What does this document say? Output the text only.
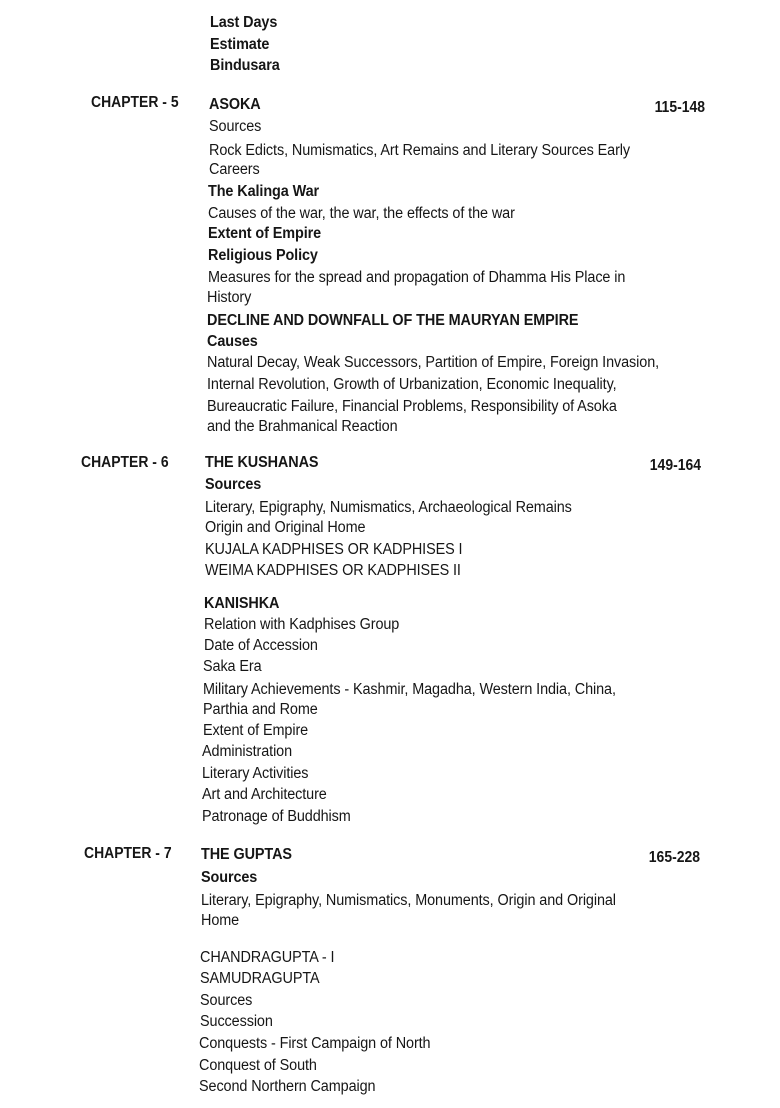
Last Days
Estimate
Bindusara
CHAPTER - 5 ASOKA	115-148
Sources
Rock Edicts, Numismatics, Art Remains and Literary Sources Early
Careers
The Kalinga War
Causes of the war, the war, the effects of the war
Extent of Empire
Religious Policy
Measures for the spread and propagation of Dhamma His Place in
History
DECLINE AND DOWNFALL OF THE MAURYAN EMPIRE
Causes
Natural Decay, Weak Successors, Partition of Empire, Foreign Invasion,
Internal Revolution, Growth of Urbanization, Economic Inequality,
Bureaucratic Failure, Financial Problems, Responsibility of Asoka
and the Brahmanical Reaction
CHAPTER - 6 THE KUSHANAS	149-164
Sources
Literary, Epigraphy, Numismatics, Archaeological Remains
Origin and Original Home
KUJALA KADPHISES OR KADPHISES I
WEIMA KADPHISES OR KADPHISES II
KANISHKA
Relation with Kadphises Group
Date of Accession
Saka Era
Military Achievements - Kashmir, Magadha, Western India, China,
Parthia and Rome
Extent of Empire
Administration
Literary Activities
Art and Architecture
Patronage of Buddhism
CHAPTER - 7 THE GUPTAS	165-228
Sources
Literary, Epigraphy, Numismatics, Monuments, Origin and Original
Home
CHANDRAGUPTA - I
SAMUDRAGUPTA
Sources
Succession
Conquests - First Campaign of North
Conquest of South
Second Northern Campaign
